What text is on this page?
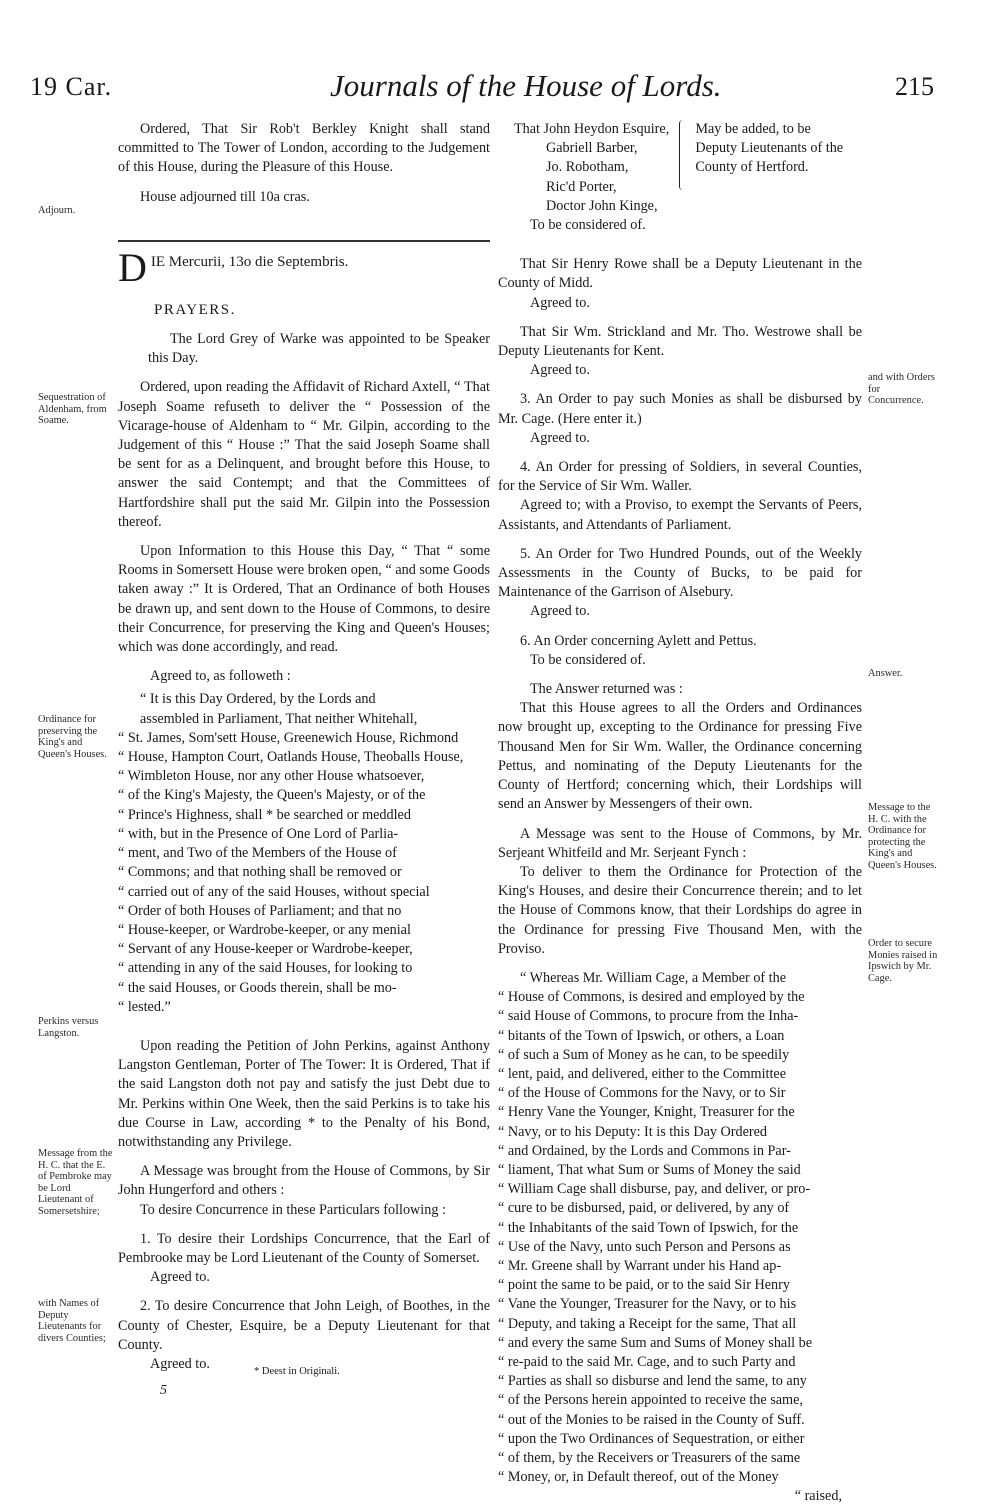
19 Car.	Journals of the House of Lords.	215
Adjourn.
Sequestration of Aldenham, from Soame.
Ordinance for preserving the King's and Queen's Houses.
Perkins versus Langston.
Message from the H. C. that the E. of Pembroke may be Lord Lieutenant of Somersetshire;
with Names of Deputy Lieutenants for divers Counties;
and with Orders for Concurrence.
Answer.
Message to the H. C. with the Ordinance for protecting the King's and Queen's Houses.
Order to secure Monies raised in Ipswich by Mr. Cage.

Ordered, That Sir Rob't Berkley Knight shall stand committed to The Tower of London, according to the Judgement of this House, during the Pleasure of this House.

House adjourned till 10a cras.

D IE Mercurii, 13o die Septembris.

PRAYERS.

The Lord Grey of Warke was appointed to be Speaker this Day.

Ordered, upon reading the Affidavit of Richard Axtell, “ That Joseph Soame refuseth to deliver the “ Possession of the Vicarage-house of Aldenham to “ Mr. Gilpin, according to the Judgement of this “ House :” That the said Joseph Soame shall be sent for as a Delinquent, and brought before this House, to answer the said Contempt; and that the Committees of Hartfordshire shall put the said Mr. Gilpin into the Possession thereof.

Upon Information to this House this Day, “ That “ some Rooms in Somersett House were broken open, “ and some Goods taken away :” It is Ordered, That an Ordinance of both Houses be drawn up, and sent down to the House of Commons, to desire their Concurrence, for preserving the King and Queen's Houses; which was done accordingly, and read.

Agreed to, as followeth :

“ It is this Day Ordered, by the Lords and

assembled in Parliament, That neither Whitehall,

“ St. James, Som'sett House, Greenewich House, Richmond

“ House, Hampton Court, Oatlands House, Theoballs House,

“ Wimbleton House, nor any other House whatsoever,

“ of the King's Majesty, the Queen's Majesty, or of the

“ Prince's Highness, shall * be searched or meddled

“ with, but in the Presence of One Lord of Parlia-

“ ment, and Two of the Members of the House of

“ Commons; and that nothing shall be removed or

“ carried out of any of the said Houses, without special

“ Order of both Houses of Parliament; and that no

“ House-keeper, or Wardrobe-keeper, or any menial

“ Servant of any House-keeper or Wardrobe-keeper,

“ attending in any of the said Houses, for looking to

“ the said Houses, or Goods therein, shall be mo-

“ lested.”

Upon reading the Petition of John Perkins, against Anthony Langston Gentleman, Porter of The Tower: It is Ordered, That if the said Langston doth not pay and satisfy the just Debt due to Mr. Perkins within One Week, then the said Perkins is to take his due Course in Law, according * to the Penalty of his Bond, notwithstanding any Privilege.

A Message was brought from the House of Commons, by Sir John Hungerford and others :

To desire Concurrence in these Particulars following :

1. To desire their Lordships Concurrence, that the Earl of Pembrooke may be Lord Lieutenant of the County of Somerset.

Agreed to.

2. To desire Concurrence that John Leigh, of Boothes, in the County of Chester, Esquire, be a Deputy Lieutenant for that County.

Agreed to.	* Deest in Originali.
5
That John Heydon Esquire,
Gabriell Barber,
Jo. Robotham,
Ric'd Porter,
Doctor John Kinge,
May be added, to be Deputy Lieutenants of the County of Hertford.

To be considered of.

That Sir Henry Rowe shall be a Deputy Lieutenant in the County of Midd.

Agreed to.

That Sir Wm. Strickland and Mr. Tho. Westrowe shall be Deputy Lieutenants for Kent.

Agreed to.

3. An Order to pay such Monies as shall be disbursed by Mr. Cage. (Here enter it.)

Agreed to.

4. An Order for pressing of Soldiers, in several Counties, for the Service of Sir Wm. Waller.

Agreed to; with a Proviso, to exempt the Servants of Peers, Assistants, and Attendants of Parliament.

5. An Order for Two Hundred Pounds, out of the Weekly Assessments in the County of Bucks, to be paid for Maintenance of the Garrison of Alsebury.

Agreed to.

6. An Order concerning Aylett and Pettus.

To be considered of.

The Answer returned was :

That this House agrees to all the Orders and Ordinances now brought up, excepting to the Ordinance for pressing Five Thousand Men for Sir Wm. Waller, the Ordinance concerning Pettus, and nominating of the Deputy Lieutenants for the County of Hertford; concerning which, their Lordships will send an Answer by Messengers of their own.

A Message was sent to the House of Commons, by Mr. Serjeant Whitfeild and Mr. Serjeant Fynch :

To deliver to them the Ordinance for Protection of the King's Houses, and desire their Concurrence therein; and to let the House of Commons know, that their Lordships do agree in the Ordinance for pressing Five Thousand Men, with the Proviso.

“ Whereas Mr. William Cage, a Member of the

“ House of Commons, is desired and employed by the

“ said House of Commons, to procure from the Inha-

“ bitants of the Town of Ipswich, or others, a Loan

“ of such a Sum of Money as he can, to be speedily

“ lent, paid, and delivered, either to the Committee

“ of the House of Commons for the Navy, or to Sir

“ Henry Vane the Younger, Knight, Treasurer for the

“ Navy, or to his Deputy: It is this Day Ordered

“ and Ordained, by the Lords and Commons in Par-

“ liament, That what Sum or Sums of Money the said

“ William Cage shall disburse, pay, and deliver, or pro-

“ cure to be disbursed, paid, or delivered, by any of

“ the Inhabitants of the said Town of Ipswich, for the

“ Use of the Navy, unto such Person and Persons as

“ Mr. Greene shall by Warrant under his Hand ap-

“ point the same to be paid, or to the said Sir Henry

“ Vane the Younger, Treasurer for the Navy, or to his

“ Deputy, and taking a Receipt for the same, That all

“ and every the same Sum and Sums of Money shall be

“ re-paid to the said Mr. Cage, and to such Party and

“ Parties as shall so disburse and lend the same, to any

“ of the Persons herein appointed to receive the same,

“ out of the Monies to be raised in the County of Suff.

“ upon the Two Ordinances of Sequestration, or either

“ of them, by the Receivers or Treasurers of the same

“ Money, or, in Default thereof, out of the Money

“ raised,
